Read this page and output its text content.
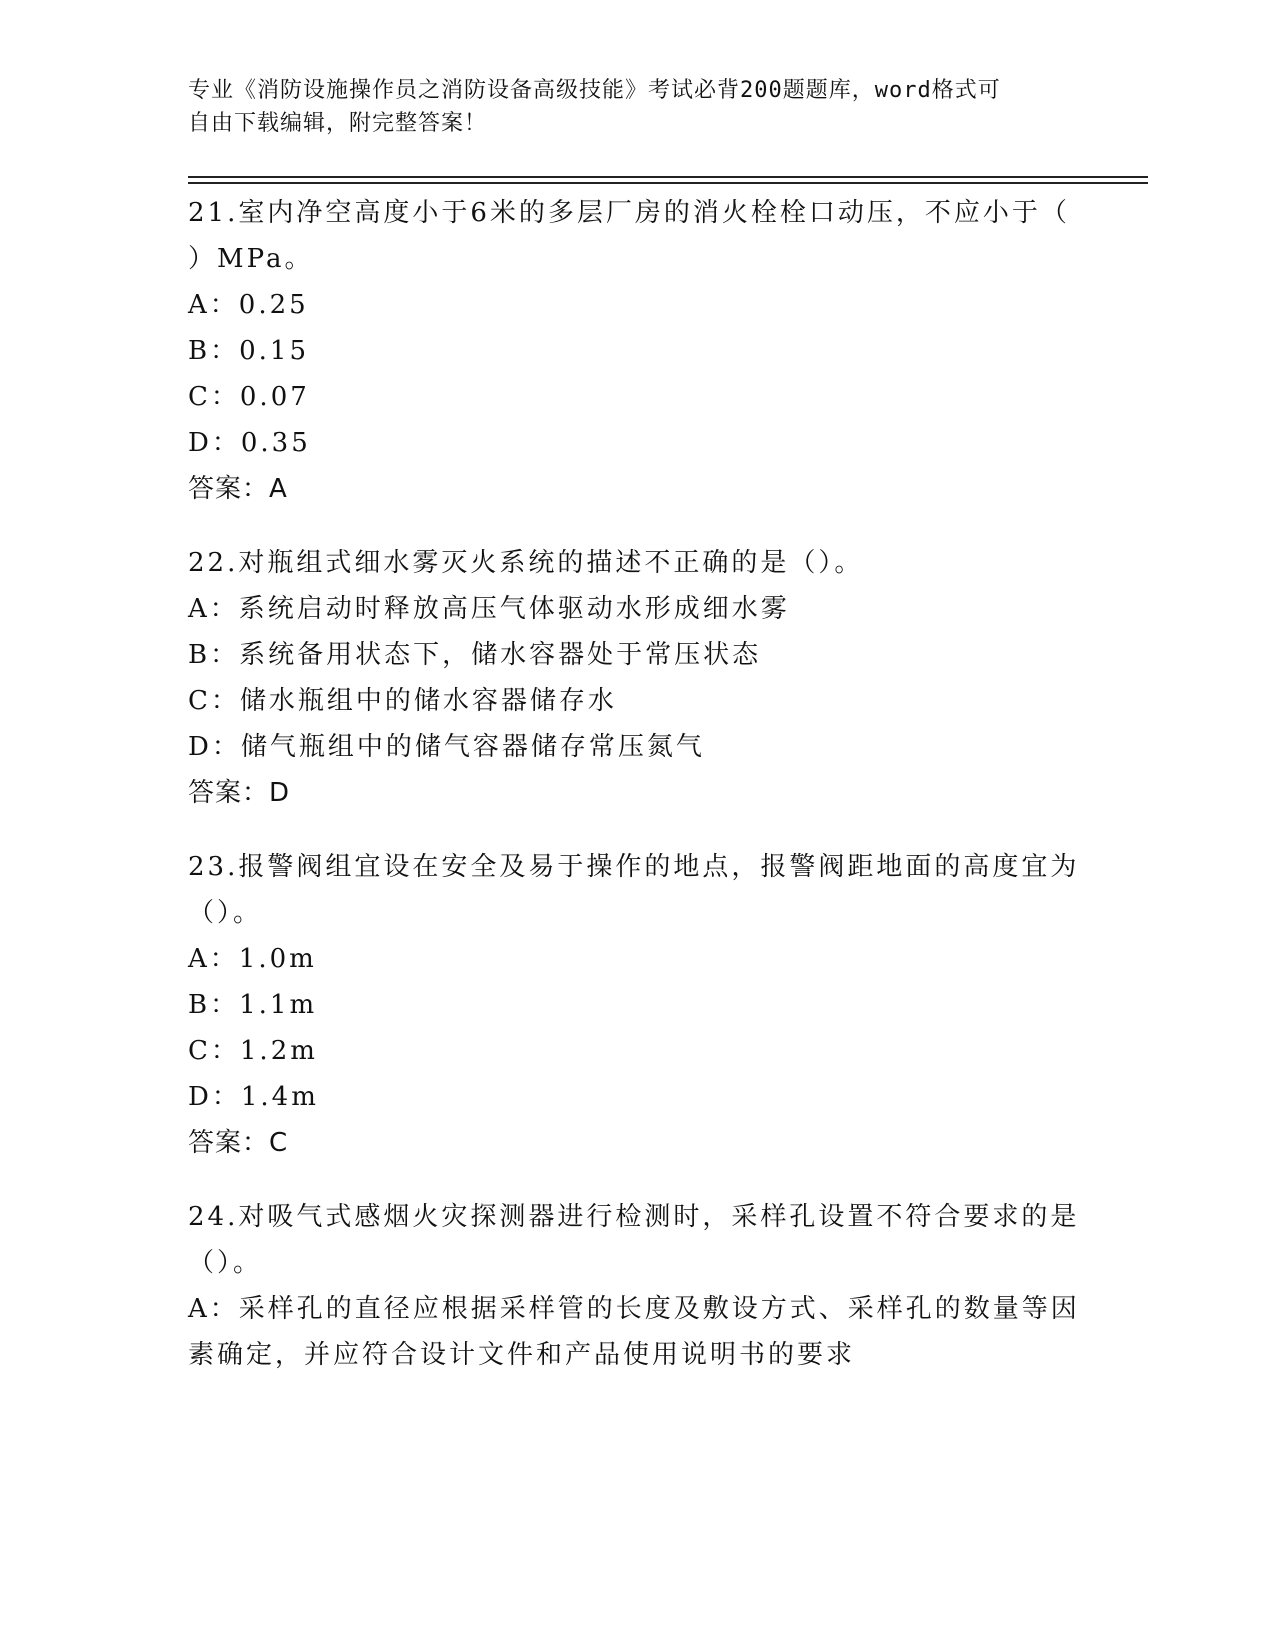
专业《消防设施操作员之消防设备高级技能》考试必背200题题库，word格式可
自由下载编辑，附完整答案！

21.室内净空高度小于6米的多层厂房的消火栓栓口动压，不应小于（

）MPa。

A：0.25

B：0.15

C：0.07

D：0.35

答案：A

22.对瓶组式细水雾灭火系统的描述不正确的是（）。

A：系统启动时释放高压气体驱动水形成细水雾

B：系统备用状态下，储水容器处于常压状态

C：储水瓶组中的储水容器储存水

D：储气瓶组中的储气容器储存常压氮气

答案：D

23.报警阀组宜设在安全及易于操作的地点，报警阀距地面的高度宜为

（）。

A：1.0m

B：1.1m

C：1.2m

D：1.4m

答案：C

24.对吸气式感烟火灾探测器进行检测时，采样孔设置不符合要求的是

（）。

A：采样孔的直径应根据采样管的长度及敷设方式、采样孔的数量等因

素确定，并应符合设计文件和产品使用说明书的要求
